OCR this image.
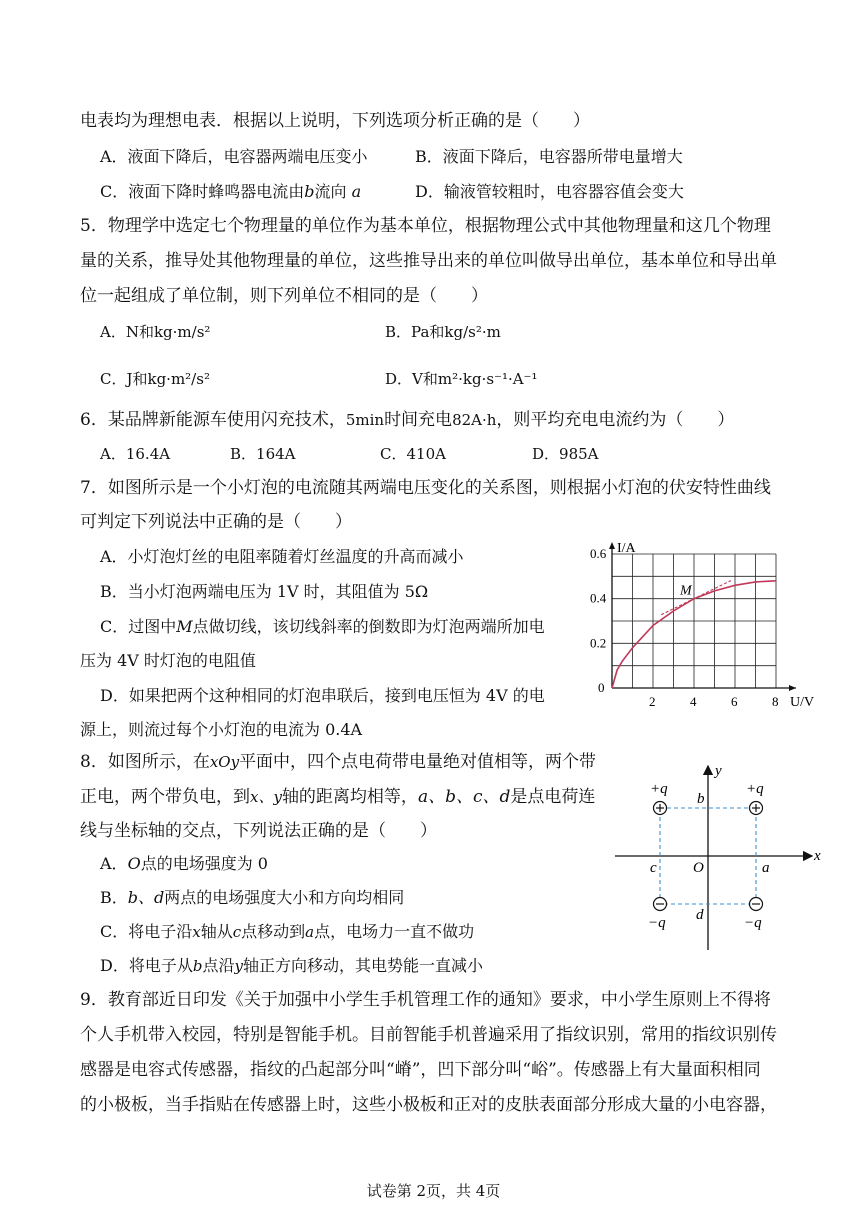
电表均为理想电表．根据以上说明，下列选项分析正确的是（　　）
A．液面下降后，电容器两端电压变小	B．液面下降后，电容器所带电量增大
C．液面下降时蜂鸣器电流由b流向 a	D．输液管较粗时，电容器容值会变大
5．物理学中选定七个物理量的单位作为基本单位，根据物理公式中其他物理量和这几个物理
量的关系，推导处其他物理量的单位，这些推导出来的单位叫做导出单位，基本单位和导出单
位一起组成了单位制，则下列单位不相同的是（　　）
A．N和kg·m/s²	B．Pa和kg/s²·m
C．J和kg·m²/s²	D．V和m²·kg·s⁻¹·A⁻¹
6．某品牌新能源车使用闪充技术，5min时间充电82A·h，则平均充电电流约为（　　）
A．16.4A	B．164A	C．410A	D．985A
7．如图所示是一个小灯泡的电流随其两端电压变化的关系图，则根据小灯泡的伏安特性曲线
可判定下列说法中正确的是（　　）
A．小灯泡灯丝的电阻率随着灯丝温度的升高而减小
B．当小灯泡两端电压为 1V 时，其阻值为 5Ω
C．过图中M点做切线，该切线斜率的倒数即为灯泡两端所加电
压为 4V 时灯泡的电阻值
D．如果把两个这种相同的灯泡串联后，接到电压恒为 4V 的电
源上，则流过每个小灯泡的电流为 0.4A
2	4	6	8
0.2
0.4
0.6 I/A
U/V
M
0
8．如图所示，在xOy平面中，四个点电荷带电量绝对值相等，两个带
正电，两个带负电，到x、y轴的距离均相等，a、b、c、d是点电荷连
线与坐标轴的交点，下列说法正确的是（　　）
A．O点的电场强度为 0
B．b、d两点的电场强度大小和方向均相同
C．将电子沿x轴从c点移动到a点，电场力一直不做功
D．将电子从b点沿y轴正方向移动，其电势能一直减小
+q	+q
−q	−q
x
y
O	a
b
c
d
9．教育部近日印发《关于加强中小学生手机管理工作的通知》要求，中小学生原则上不得将
个人手机带入校园，特别是智能手机。目前智能手机普遍采用了指纹识别，常用的指纹识别传
感器是电容式传感器，指纹的凸起部分叫“嵴”，凹下部分叫“峪”。传感器上有大量面积相同
的小极板，当手指贴在传感器上时，这些小极板和正对的皮肤表面部分形成大量的小电容器，
试卷第 2页，共 4页
